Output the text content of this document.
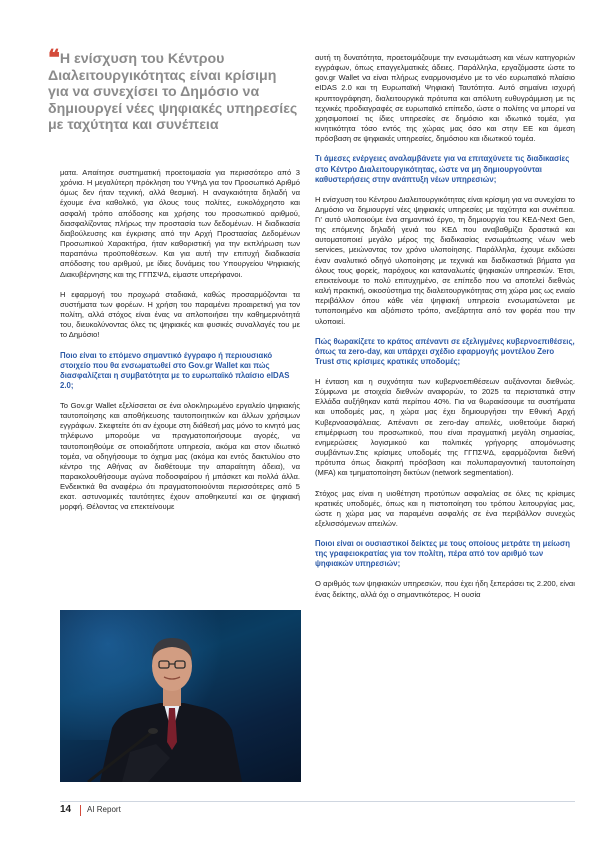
❝ Η ενίσχυση του Κέντρου Διαλειτουργικότητας είναι κρίσιμη για να συνεχίσει το Δημόσιο να δημιουργεί νέες ψηφιακές υπηρεσίες με ταχύτητα και συνέπεια

ματα. Απαίτησε συστηματική προετοιμασία για περισσότερο από 3 χρόνια. Η μεγαλύτερη πρόκληση του ΥΨηΔ για τον Προσωπικό Αριθμό όμως δεν ήταν τεχνική, αλλά θεσμική. Η αναγκαιότητα δηλαδή να έχουμε ένα καθολικό, για όλους τους πολίτες, ευκολόχρηστο και ασφαλή τρόπο απόδοσης και χρήσης του προσωπικού αριθμού, διασφαλίζοντας πλήρως την προστασία των δεδομένων. Η διαδικασία διαβούλευσης και έγκρισης από την Αρχή Προστασίας Δεδομένων Προσωπικού Χαρακτήρα, ήταν καθοριστική για την εκπλήρωση των παραπάνω προϋποθέσεων. Και για αυτή την επιτυχή διαδικασία απόδοσης του αριθμού, με ίδιες δυνάμεις του Υπουργείου Ψηφιακής Διακυβέρνησης και της ΓΓΠΣΨΔ, είμαστε υπερήφανοι.

Η εφαρμογή του προχωρά σταδιακά, καθώς προσαρμόζονται τα συστήματα των φορέων. Η χρήση του παραμένει προαιρετική για τον πολίτη, αλλά στόχος είναι ένας να απλοποιήσει την καθημερινότητά του, διευκολύνοντας όλες τις ψηφιακές και φυσικές συναλλαγές του με το Δημόσιο!

Ποιο είναι το επόμενο σημαντικό έγγραφο ή περιουσιακό στοιχείο που θα ενσωματωθεί στο Gov.gr Wallet και πώς διασφαλίζεται η συμβατότητα με το ευρωπαϊκό πλαίσιο eIDAS 2.0;

Το Gov.gr Wallet εξελίσσεται σε ένα ολοκληρωμένο εργαλείο ψηφιακής ταυτοποίησης και αποθήκευσης ταυτοποιητικών και άλλων χρήσιμων εγγράφων. Σκεφτείτε ότι αν έχουμε στη διάθεσή μας μόνο το κινητό μας τηλέφωνο μπορούμε να πραγματοποιήσουμε αγορές, να ταυτοποιηθούμε σε οποιαδήποτε υπηρεσία, ακόμα και στον ιδιωτικό τομέα, να οδηγήσουμε το όχημα μας (ακόμα και εντός δακτυλίου στο κέντρο της Αθήνας αν διαθέτουμε την απαραίτητη άδεια), να παρακολουθήσουμε αγώνα ποδοσφαίρου ή μπάσκετ και πολλά άλλα. Ενδεικτικά θα αναφέρω ότι πραγματοποιούνται περισσότερες από 5 εκατ. αστυνομικές ταυτότητες έχουν αποθηκευτεί και σε ψηφιακή μορφή. Θέλοντας να επεκτείνουμε

αυτή τη δυνατότητα, προετοιμάζουμε την ενσωμάτωση και νέων κατηγοριών εγγράφων, όπως επαγγελματικές άδειες. Παράλληλα, εργαζόμαστε ώστε το gov.gr Wallet να είναι πλήρως εναρμονισμένο με το νέο ευρωπαϊκό πλαίσιο eIDAS 2.0 και τη Ευρωπαϊκή Ψηφιακή Ταυτότητα. Αυτό σημαίνει ισχυρή κρυπτογράφηση, διαλειτουργικά πρότυπα και απόλυτη ευθυγράμμιση με τις τεχνικές προδιαγραφές σε ευρωπαϊκό επίπεδο, ώστε ο πολίτης να μπορεί να χρησιμοποιεί τις ίδιες υπηρεσίες σε δημόσιο και ιδιωτικό τομέα, για κινητικότητα τόσο εντός της χώρας μας όσο και στην ΕΕ και άμεση πρόσβαση σε ψηφιακές υπηρεσίες, δημόσιου και ιδιωτικού τομέα.

Τι άμεσες ενέργειες αναλαμβάνετε για να επιταχύνετε τις διαδικασίες στο Κέντρο Διαλειτουργικότητας, ώστε να μη δημιουργούνται καθυστερήσεις στην ανάπτυξη νέων υπηρεσιών;

Η ενίσχυση του Κέντρου Διαλειτουργικότητας είναι κρίσιμη για να συνεχίσει το Δημόσιο να δημιουργεί νέες ψηφιακές υπηρεσίες με ταχύτητα και συνέπεια. Γι' αυτό υλοποιούμε ένα σημαντικό έργο, τη δημιουργία του ΚΕΔ-Next Gen, της επόμενης δηλαδή γενιά του ΚΕΔ που αναβαθμίζει δραστικά και αυτοματοποιεί μεγάλο μέρος της διαδικασίας ενσωμάτωσης νέων web services, μειώνοντας τον χρόνο υλοποίησης. Παράλληλα, έχουμε εκδώσει έναν αναλυτικό οδηγό υλοποίησης με τεχνικά και διαδικαστικά βήματα για όλους τους φορείς, παρόχους και καταναλωτές ψηφιακών υπηρεσιών. Έτσι, επεκτείνουμε το πολύ επιτυχημένο, σε επίπεδο που να αποτελεί διεθνώς καλή πρακτική, οικοσύστημα της διαλειτουργικότητας στη χώρα μας ως ενιαίο περιβάλλον όπου κάθε νέα ψηφιακή υπηρεσία ενσωματώνεται με τυποποιημένο και αξιόπιστο τρόπο, ανεξάρτητα από τον φορέα που την υλοποιεί.

Πώς θωρακίζετε το κράτος απέναντι σε εξελιγμένες κυβερνοεπιθέσεις, όπως τα zero-day, και υπάρχει σχέδιο εφαρμογής μοντέλου Zero Trust στις κρίσιμες κρατικές υποδομές;

Η ένταση και η συχνότητα των κυβερνοεπιθέσεων αυξάνονται διεθνώς. Σύμφωνα με στοιχεία διεθνών αναφορών, το 2025 τα περιστατικά στην Ελλάδα αυξήθηκαν κατά περίπου 40%. Για να θωρακίσουμε τα συστήματα και υποδομές μας, η χώρα μας έχει δημιουργήσει την Εθνική Αρχή Κυβερνοασφάλειας. Απέναντι σε zero-day απειλές, υιοθετούμε διαρκή επιμέρφωση του προσωπικού, που είναι πραγματική μεγάλη σημασίας, ενημερώσεις λογισμικού και πολιτικές γρήγορης απομόνωσης συμβάντων.Στις κρίσιμες υποδομές της ΓΓΠΣΨΔ, εφαρμόζονται διεθνή πρότυπα όπως διακριτή πρόσβαση και πολυπαραγοντική ταυτοποίηση (MFA) και τμηματοποίηση δικτύων (network segmentation).

Στόχος μας είναι η υιοθέτηση προτύπων ασφαλείας σε όλες τις κρίσιμες κρατικές υποδομές, όπως και η πιστοποίηση του τρόπου λειτουργίας μας, ώστε η χώρα μας να παραμένει ασφαλής σε ένα περιβάλλον συνεχώς εξελισσόμενων απειλών.

Ποιοι είναι οι ουσιαστικοί δείκτες με τους οποίους μετράτε τη μείωση της γραφειοκρατίας για τον πολίτη, πέρα από τον αριθμό των ψηφιακών υπηρεσιών;

Ο αριθμός των ψηφιακών υπηρεσιών, που έχει ήδη ξεπεράσει τις 2.200, είναι ένας δείκτης, αλλά όχι ο σημαντικότερος. Η ουσία

14 AI Report
